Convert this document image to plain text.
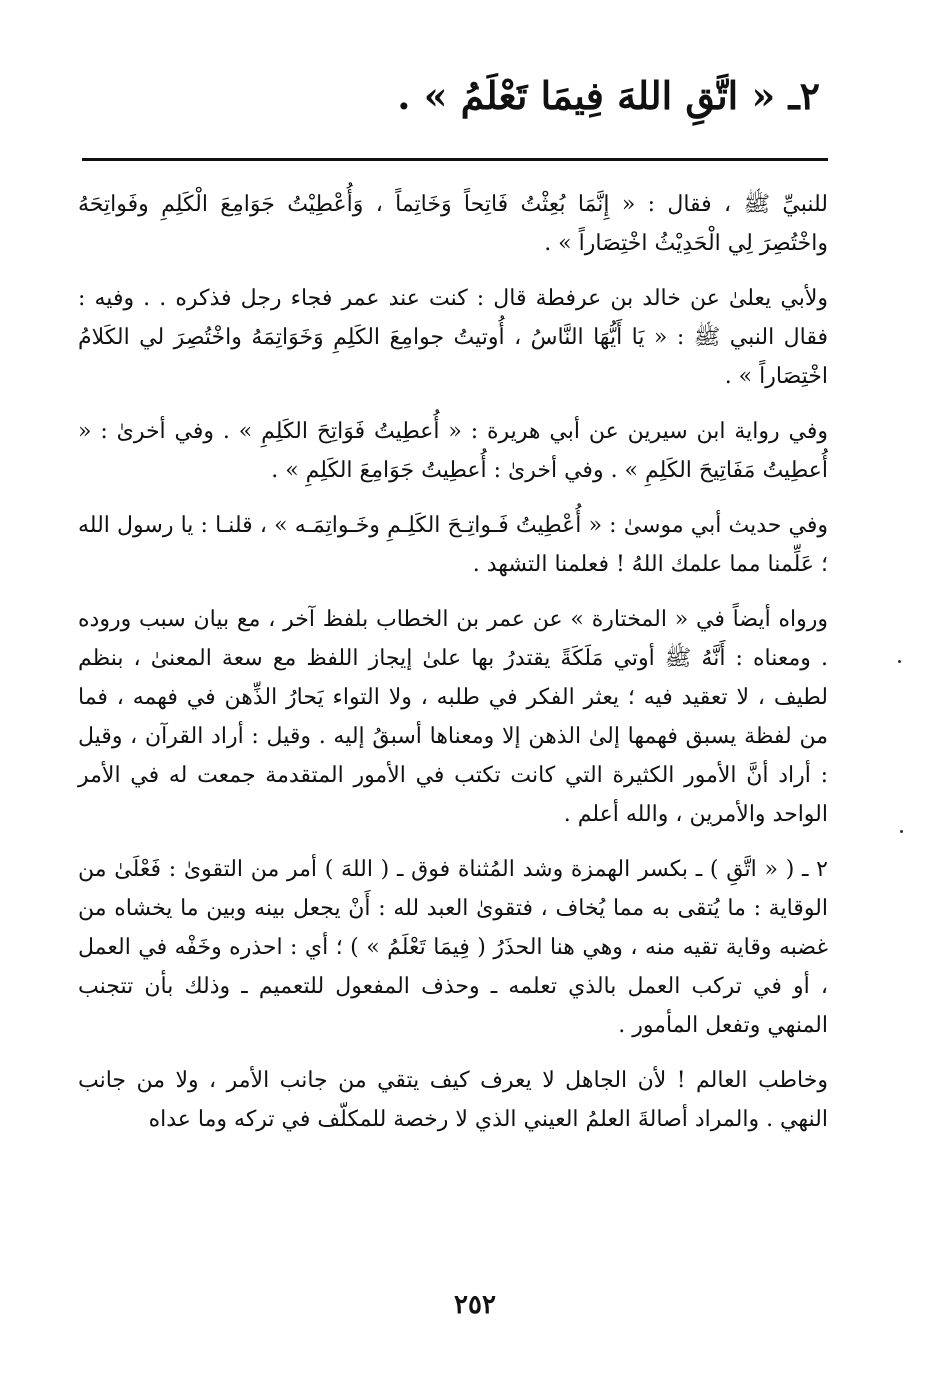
٢ـ « اتَّقِ اللهَ فِيمَا تَعْلَمُ » .

للنبيِّ ﷺ ، فقال : « إِنَّمَا بُعِثْتُ فَاتِحاً وَخَاتِماً ، وَأُعْطِيْتُ جَوَامِعَ الْكَلِمِ وفَواتِحَهُ واخْتُصِرَ لِي الْحَدِيْثُ اخْتِصَاراً » .

ولأبي يعلىٰ عن خالد بن عرفطة قال : كنت عند عمر فجاء رجل فذكره . . وفيه : فقال النبي ﷺ : « يَا أَيُّهَا النَّاسُ ، أُوتيتُ جوامِعَ الكَلِمِ وَخَوَاتِمَهُ واخْتُصِرَ لي الكَلامُ اخْتِصَاراً » .

وفي رواية ابن سيرين عن أبي هريرة : « أُعطِيتُ فَوَاتِحَ الكَلِمِ » . وفي أخرىٰ : « أُعطِيتُ مَفَاتِيحَ الكَلِمِ » . وفي أخرىٰ : أُعطِيتُ جَوَامِعَ الكَلِمِ » .

وفي حديث أبي موسىٰ : « أُعْطِيتُ فَـواتِـحَ الكَلِـمِ وخَـواتِمَـه » ، قلنـا : يا رسول الله ؛ عَلِّمنا مما علمك اللهُ ! فعلمنا التشهد .

ورواه أيضاً في « المختارة » عن عمر بن الخطاب بلفظ آخر ، مع بيان سبب وروده . ومعناه : أَنَّهُ ﷺ أوتي مَلَكَةً يقتدرُ بها علىٰ إيجاز اللفظ مع سعة المعنىٰ ، بنظم لطيف ، لا تعقيد فيه ؛ يعثر الفكر في طلبه ، ولا التواء يَحارُ الذِّهن في فهمه ، فما من لفظة يسبق فهمها إلىٰ الذهن إلا ومعناها أسبقُ إليه . وقيل : أراد القرآن ، وقيل : أراد أنَّ الأمور الكثيرة التي كانت تكتب في الأمور المتقدمة جمعت له في الأمر الواحد والأمرين ، والله أعلم .

٢ ـ ( « اتَّقِ ) ـ بكسر الهمزة وشد المُثناة فوق ـ ( اللهَ ) أمر من التقوىٰ : فَعْلَىٰ من الوقاية : ما يُتقى به مما يُخاف ، فتقوىٰ العبد لله : أَنْ يجعل بينه وبين ما يخشاه من غضبه وقاية تقيه منه ، وهي هنا الحذَرُ ( فِيمَا تَعْلَمُ » ) ؛ أي : احذره وخَفْه في العمل ، أو في تركب العمل بالذي تعلمه ـ وحذف المفعول للتعميم ـ وذلك بأن تتجنب المنهي وتفعل المأمور .

وخاطب العالم ! لأن الجاهل لا يعرف كيف يتقي من جانب الأمر ، ولا من جانب النهي . والمراد أصالةَ العلمُ العيني الذي لا رخصة للمكلّف في تركه وما عداه

٢٥٢
